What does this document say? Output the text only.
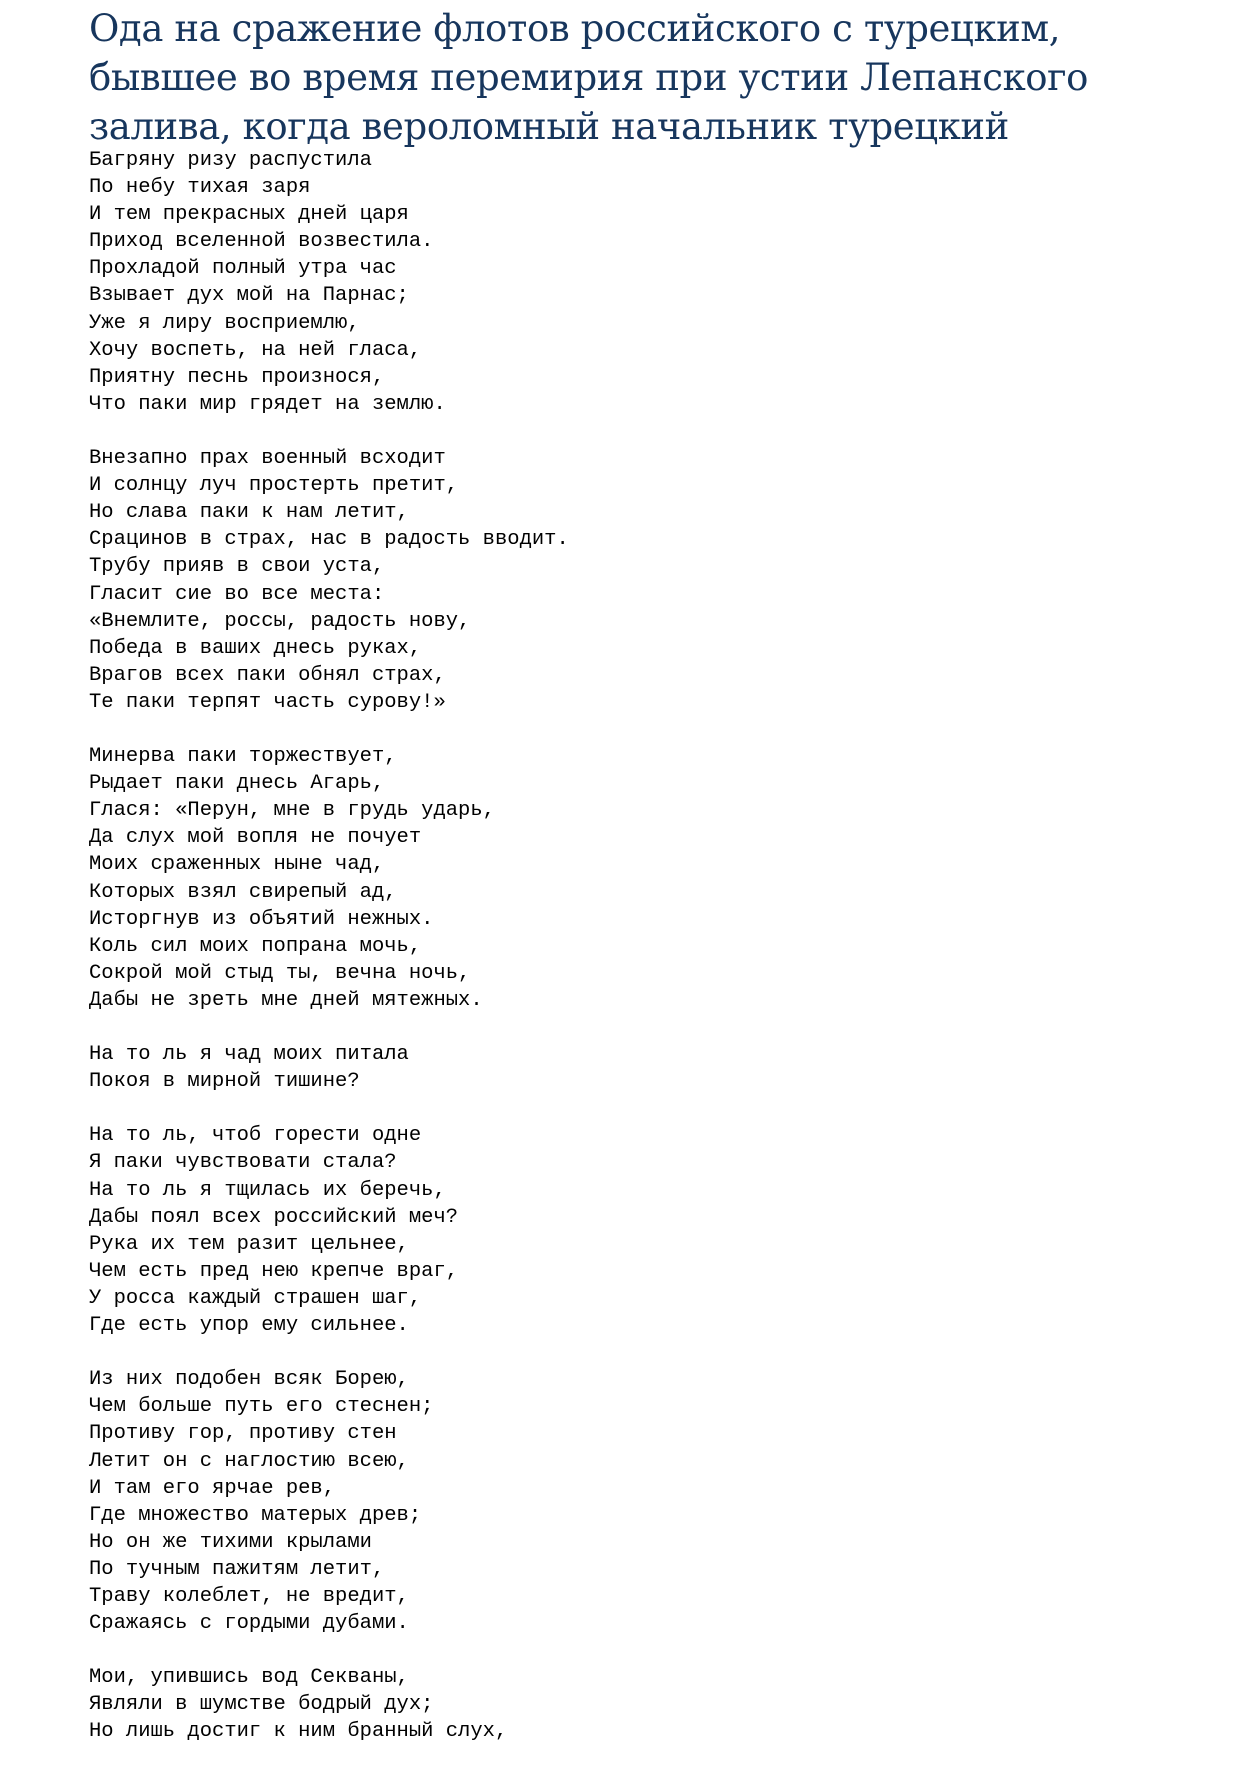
Ода на сражение флотов российского с турецким,
бывшее во время перемирия при устии Лепанского
залива, когда вероломный начальник турецкий
Багряну ризу распустила
По небу тихая заря
И тем прекрасных дней царя
Приход вселенной возвестила.
Прохладой полный утра час
Взывает дух мой на Парнас;
Уже я лиру воcприемлю,
Хочу воспеть, на ней гласа,
Приятну песнь произнося,
Что паки мир грядет на землю.
Внезапно прах военный всходит
И солнцу луч простерть претит,
Но слава паки к нам летит,
Срацинов в страх, нас в радость вводит.
Трубу прияв в свои уста,
Гласит сие во все места:
«Внемлите, россы, радость нову,
Победа в ваших днесь руках,
Врагов всех паки обнял страх,
Те паки терпят часть сурову!»
Минерва паки торжествует,
Рыдает паки днесь Агарь,
Глася: «Перун, мне в грудь ударь,
Да слух мой вопля не почует
Моих сраженных ныне чад,
Которых взял свирепый ад,
Исторгнув из объятий нежных.
Коль сил моих попрана мочь,
Сокрой мой стыд ты, вечна ночь,
Дабы не зреть мне дней мятежных.
На то ль я чад моих питала
Покоя в мирной тишине?
На то ль, чтоб горести одне
Я паки чувствовати стала?
На то ль я тщилась их беречь,
Дабы поял всех российский меч?
Рука их тем разит цельнее,
Чем есть пред нею крепче враг,
У росса каждый страшен шаг,
Где есть упор ему сильнее.
Из них подобен всяк Борею,
Чем больше путь его стеснен;
Противу гор, противу стен
Летит он с наглостию всею,
И там его ярчае рев,
Где множество матерых древ;
Но он же тихими крылами
По тучным пажитям летит,
Траву колеблет, не вредит,
Сражаясь с гордыми дубами.
Мои, упившись вод Секваны,
Являли в шумстве бодрый дух;
Но лишь достиг к ним бранный слух,
